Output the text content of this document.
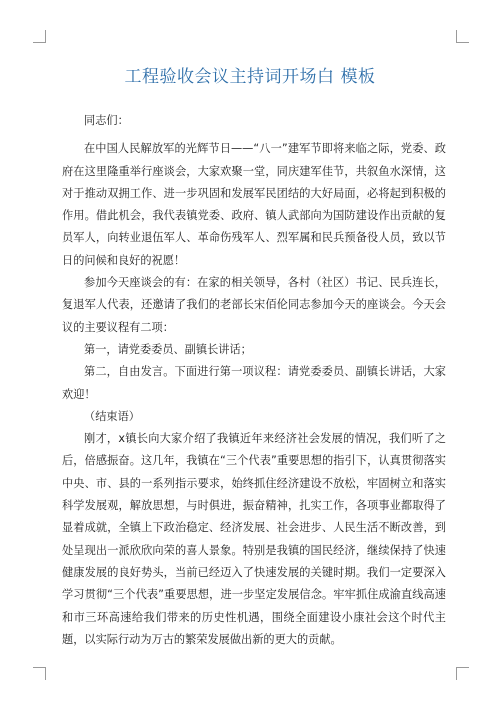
工程验收会议主持词开场白 模板

同志们：

在中国人民解放军的光辉节日——“八一”建军节即将来临之际，党委、政府在这里隆重举行座谈会，大家欢聚一堂，同庆建军佳节，共叙鱼水深情，这对于推动双拥工作、进一步巩固和发展军民团结的大好局面，必将起到积极的作用。借此机会，我代表镇党委、政府、镇人武部向为国防建设作出贡献的复员军人，向转业退伍军人、革命伤残军人、烈军属和民兵预备役人员，致以节日的问候和良好的祝愿！

参加今天座谈会的有：在家的相关领导，各村（社区）书记、民兵连长，复退军人代表，还邀请了我们的老部长宋佰伦同志参加今天的座谈会。今天会议的主要议程有二项：

第一，请党委委员、副镇长讲话；

第二，自由发言。下面进行第一项议程：请党委委员、副镇长讲话，大家欢迎！

（结束语）

刚才，x镇长向大家介绍了我镇近年来经济社会发展的情况，我们听了之后，倍感振奋。这几年，我镇在“三个代表”重要思想的指引下，认真贯彻落实中央、市、县的一系列指示要求，始终抓住经济建设不放松，牢固树立和落实科学发展观，解放思想，与时俱进，振奋精神，扎实工作，各项事业都取得了显着成就，全镇上下政治稳定、经济发展、社会进步、人民生活不断改善，到处呈现出一派欣欣向荣的喜人景象。特别是我镇的国民经济，继续保持了快速健康发展的良好势头，当前已经迈入了快速发展的关键时期。我们一定要深入学习贯彻“三个代表”重要思想，进一步坚定发展信念。牢牢抓住成渝直线高速和市三环高速给我们带来的历史性机遇，围绕全面建设小康社会这个时代主题，以实际行动为万古的繁荣发展做出新的更大的贡献。
